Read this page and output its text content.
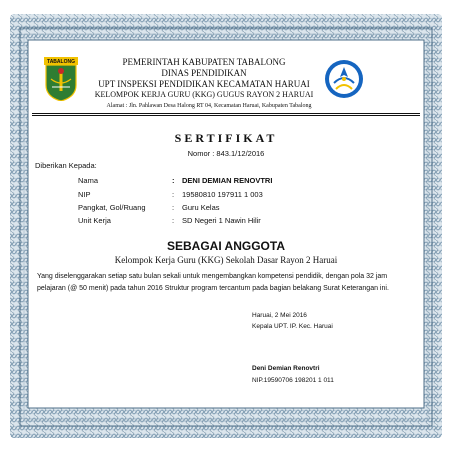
TABALONG	PEMERINTAH KABUPATEN TABALONG
DINAS PENDIDIKAN
UPT INSPEKSI PENDIDIKAN KECAMATAN HARUAI
KELOMPOK KERJA GURU (KKG) GUGUS RAYON 2 HARUAI
Alamat : Jln. Pahlawan Desa Halong RT 04, Kecamatan Haruai, Kabupaten Tabalong
SERTIFIKAT
Nomor : 843.1/12/2016
Diberikan Kepada:
Nama	: DENI DEMIAN RENOVTRI
NIP	: 19580810 197911 1 003
Pangkat, Gol/Ruang	: Guru Kelas
Unit Kerja	: SD Negeri 1 Nawin Hilir
SEBAGAI ANGGOTA
Kelompok Kerja Guru (KKG) Sekolah Dasar Rayon 2 Haruai
Yang diselenggarakan setiap satu bulan sekali untuk mengembangkan kompetensi pendidik, dengan pola 32 jam pelajaran (@ 50 menit) pada tahun 2016 Struktur program tercantum pada bagian belakang Surat Keterangan ini.
Haruai, 2 Mei 2016
Kepala UPT. IP. Kec. Haruai
Deni Demian Renovtri
NIP.19590706 198201 1 011
